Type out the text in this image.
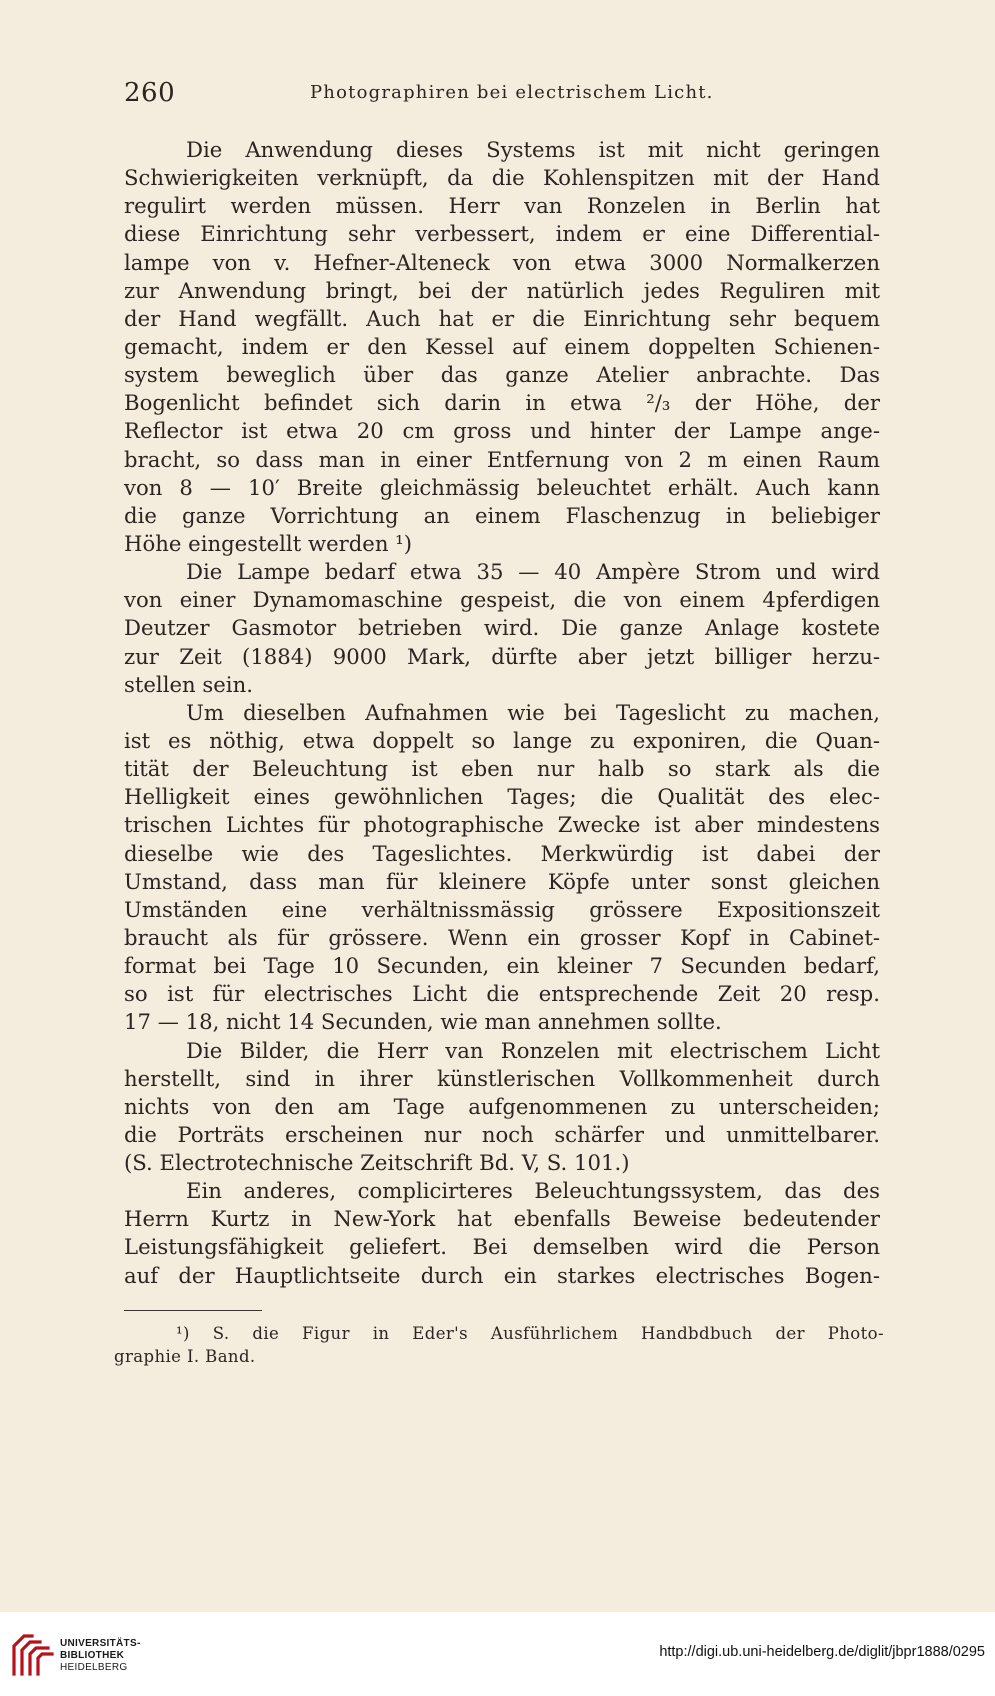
260	Photographiren bei electrischem Licht.
Die Anwendung dieses Systems ist mit nicht geringen
Schwierigkeiten verknüpft, da die Kohlenspitzen mit der Hand
regulirt werden müssen. Herr van Ronzelen in Berlin hat
diese Einrichtung sehr verbessert, indem er eine Differential-
lampe von v. Hefner-Alteneck von etwa 3000 Normalkerzen
zur Anwendung bringt, bei der natürlich jedes Reguliren mit
der Hand wegfällt. Auch hat er die Einrichtung sehr bequem
gemacht, indem er den Kessel auf einem doppelten Schienen-
system beweglich über das ganze Atelier anbrachte. Das
Bogenlicht befindet sich darin in etwa ²/₃ der Höhe, der
Reflector ist etwa 20 cm gross und hinter der Lampe ange-
bracht, so dass man in einer Entfernung von 2 m einen Raum
von 8 — 10′ Breite gleichmässig beleuchtet erhält. Auch kann
die ganze Vorrichtung an einem Flaschenzug in beliebiger
Höhe eingestellt werden ¹)
Die Lampe bedarf etwa 35 — 40 Ampère Strom und wird
von einer Dynamomaschine gespeist, die von einem 4pferdigen
Deutzer Gasmotor betrieben wird. Die ganze Anlage kostete
zur Zeit (1884) 9000 Mark, dürfte aber jetzt billiger herzu-
stellen sein.
Um dieselben Aufnahmen wie bei Tageslicht zu machen,
ist es nöthig, etwa doppelt so lange zu exponiren, die Quan-
tität der Beleuchtung ist eben nur halb so stark als die
Helligkeit eines gewöhnlichen Tages; die Qualität des elec-
trischen Lichtes für photographische Zwecke ist aber mindestens
dieselbe wie des Tageslichtes. Merkwürdig ist dabei der
Umstand, dass man für kleinere Köpfe unter sonst gleichen
Umständen eine verhältnissmässig grössere Expositionszeit
braucht als für grössere. Wenn ein grosser Kopf in Cabinet-
format bei Tage 10 Secunden, ein kleiner 7 Secunden bedarf,
so ist für electrisches Licht die entsprechende Zeit 20 resp.
17 — 18, nicht 14 Secunden, wie man annehmen sollte.
Die Bilder, die Herr van Ronzelen mit electrischem Licht
herstellt, sind in ihrer künstlerischen Vollkommenheit durch
nichts von den am Tage aufgenommenen zu unterscheiden;
die Porträts erscheinen nur noch schärfer und unmittelbarer.
(S. Electrotechnische Zeitschrift Bd. V, S. 101.)
Ein anderes, complicirteres Beleuchtungssystem, das des
Herrn Kurtz in New-York hat ebenfalls Beweise bedeutender
Leistungsfähigkeit geliefert. Bei demselben wird die Person
auf der Hauptlichtseite durch ein starkes electrisches Bogen-
¹) S. die Figur in Eder's Ausführlichem Handbdbuch der Photo-
graphie I. Band.
UNIVERSITÄTS-
BIBLIOTHEK
HEIDELBERG
http://digi.ub.uni-heidelberg.de/diglit/jbpr1888/0295
